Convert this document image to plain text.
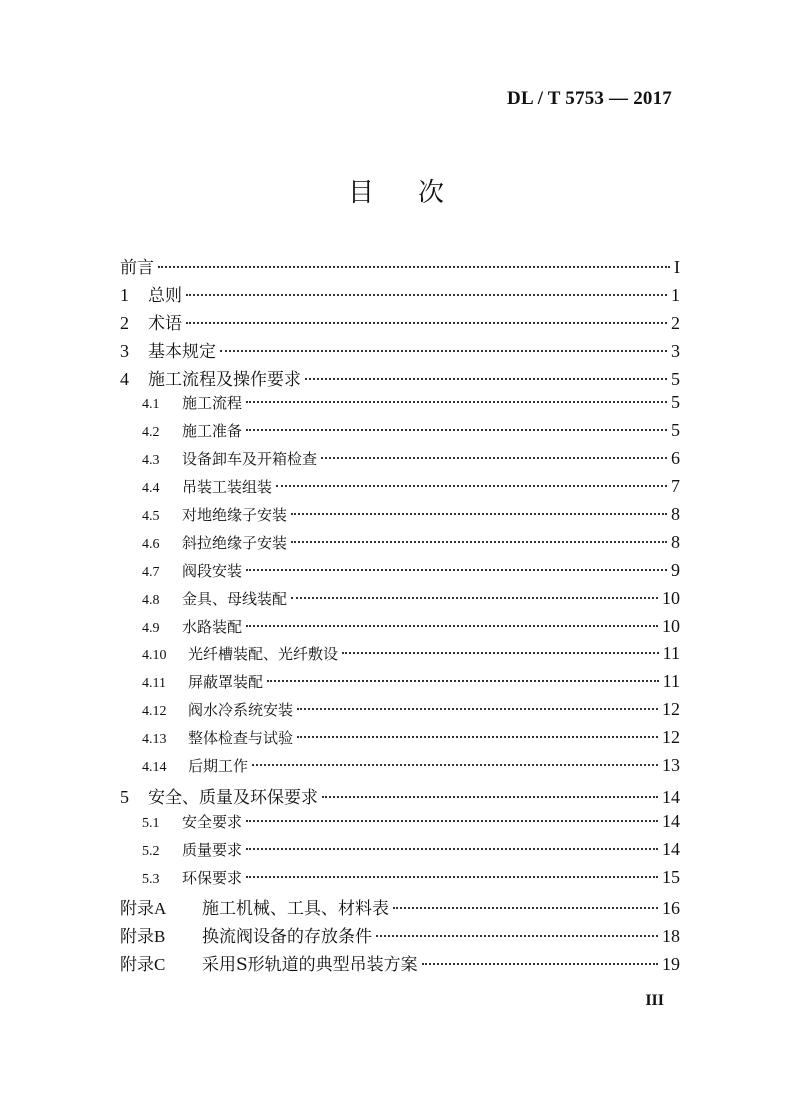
DL / T 5753 — 2017
目次
前言	I
1	总则	1
2	术语	2
3	基本规定	3
4	施工流程及操作要求	5
4.1	施工流程	5
4.2	施工准备	5
4.3	设备卸车及开箱检查	6
4.4	吊装工装组装	7
4.5	对地绝缘子安装	8
4.6	斜拉绝缘子安装	8
4.7	阀段安装	9
4.8	金具、母线装配	10
4.9	水路装配	10
4.10	光纤槽装配、光纤敷设	11
4.11	屏蔽罩装配	11
4.12	阀水冷系统安装	12
4.13	整体检查与试验	12
4.14	后期工作	13
5	安全、质量及环保要求	14
5.1	安全要求	14
5.2	质量要求	14
5.3	环保要求	15
附录A	施工机械、工具、材料表	16
附录B	换流阀设备的存放条件	18
附录C	采用S形轨道的典型吊装方案	19
III
